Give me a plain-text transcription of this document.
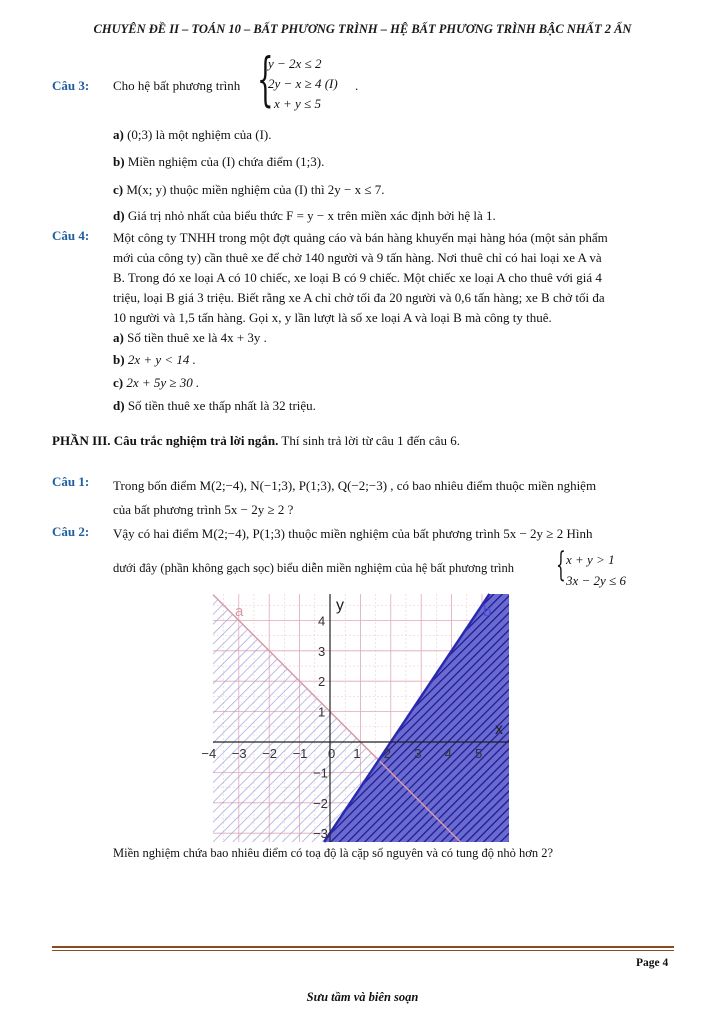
CHUYÊN ĐỀ II – TOÁN 10 – BẤT PHƯƠNG TRÌNH – HỆ BẤT PHƯƠNG TRÌNH BẬC NHẤT 2 ẨN
Câu 3: Cho hệ bất phương trình {
y − 2x ≤ 2
2y − x ≥ 4 (I)
x + y ≤ 5
.
a) (0;3) là một nghiệm của (I).
b) Miền nghiệm của (I) chứa điểm (1;3).
c) M(x; y) thuộc miền nghiệm của (I) thì 2y − x ≤ 7.
d) Giá trị nhỏ nhất của biểu thức F = y − x trên miền xác định bởi hệ là 1.
Câu 4: Một công ty TNHH trong một đợt quảng cáo và bán hàng khuyến mại hàng hóa (một sản phẩm
mới của công ty) cần thuê xe để chở 140 người và 9 tấn hàng. Nơi thuê chỉ có hai loại xe A và
B. Trong đó xe loại A có 10 chiếc, xe loại B có 9 chiếc. Một chiếc xe loại A cho thuê với giá 4
triệu, loại B giá 3 triệu. Biết rằng xe A chỉ chở tối đa 20 người và 0,6 tấn hàng; xe B chở tối đa
10 người và 1,5 tấn hàng. Gọi x, y lần lượt là số xe loại A và loại B mà công ty thuê.
a) Số tiền thuê xe là 4x + 3y .
b) 2x + y < 14 .
c) 2x + 5y ≥ 30 .
d) Số tiền thuê xe thấp nhất là 32 triệu.
PHẦN III. Câu trắc nghiệm trả lời ngắn. Thí sinh trả lời từ câu 1 đến câu 6.
Câu 1: Trong bốn điểm M(2;−4), N(−1;3), P(1;3), Q(−2;−3) , có bao nhiêu điểm thuộc miền nghiệm
của bất phương trình 5x − 2y ≥ 2 ?
Câu 2: Vậy có hai điểm M(2;−4), P(1;3) thuộc miền nghiệm của bất phương trình 5x − 2y ≥ 2 Hình
dưới đây (phần không gạch sọc) biểu diễn miền nghiệm của hệ bất phương trình { x + y > 1
3x − 2y ≤ 6
−4 −3 −2 −1 0 1 2 3 4 5
1
2
3
4
−1
−2
−3
x
y
a	b
Miền nghiệm chứa bao nhiêu điểm có toạ độ là cặp số nguyên và có tung độ nhỏ hơn 2?
Page 4
Sưu tầm và biên soạn
